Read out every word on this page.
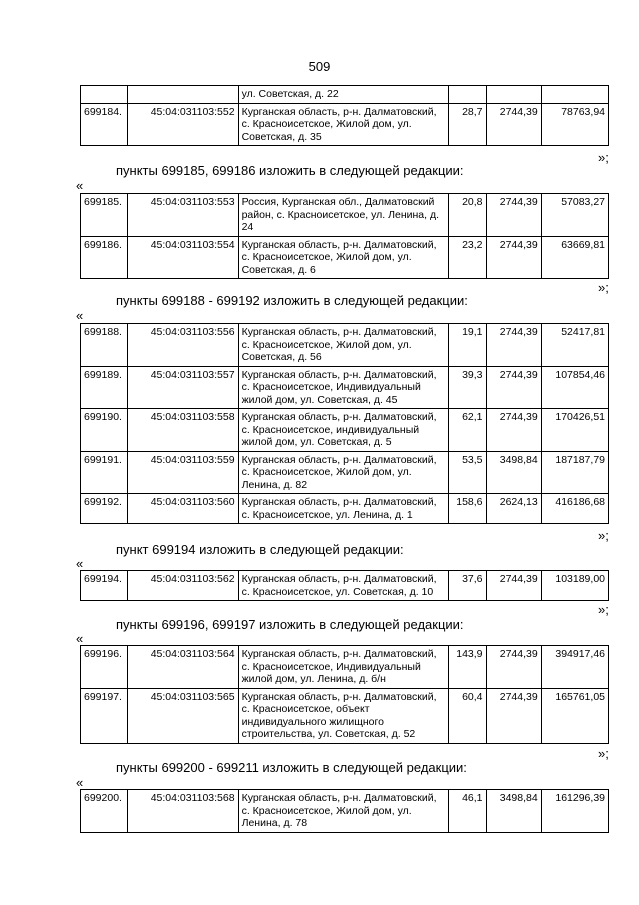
509
		ул. Советская, д. 22			
699184.	45:04:031103:552	Курганская область, р-н. Далматовский, с. Красноисетское, Жилой дом, ул. Советская, д. 35	28,7	2744,39	78763,94
»;
пункты 699185, 699186 изложить в следующей редакции:
«
699185.	45:04:031103:553	Россия, Курганская обл., Далматовский район, с. Красноисетское, ул. Ленина, д. 24	20,8	2744,39	57083,27
699186.	45:04:031103:554	Курганская область, р-н. Далматовский, с. Красноисетское, Жилой дом, ул. Советская, д. 6	23,2	2744,39	63669,81
»;
пункты 699188 - 699192 изложить в следующей редакции:
«
699188.	45:04:031103:556	Курганская область, р-н. Далматовский, с. Красноисетское, Жилой дом, ул. Советская, д. 56	19,1	2744,39	52417,81
699189.	45:04:031103:557	Курганская область, р-н. Далматовский, с. Красноисетское, Индивидуальный жилой дом, ул. Советская, д. 45	39,3	2744,39	107854,46
699190.	45:04:031103:558	Курганская область, р-н. Далматовский, с. Красноисетское, индивидуальный жилой дом, ул. Советская, д. 5	62,1	2744,39	170426,51
699191.	45:04:031103:559	Курганская область, р-н. Далматовский, с. Красноисетское, Жилой дом, ул. Ленина, д. 82	53,5	3498,84	187187,79
699192.	45:04:031103:560	Курганская область, р-н. Далматовский, с. Красноисетское, ул. Ленина, д. 1	158,6	2624,13	416186,68
»;
пункт 699194 изложить в следующей редакции:
«
699194.	45:04:031103:562	Курганская область, р-н. Далматовский, с. Красноисетское, ул. Советская, д. 10	37,6	2744,39	103189,00
»;
пункты 699196, 699197 изложить в следующей редакции:
«
699196.	45:04:031103:564	Курганская область, р-н. Далматовский, с. Красноисетское, Индивидуальный жилой дом, ул. Ленина, д. б/н	143,9	2744,39	394917,46
699197.	45:04:031103:565	Курганская область, р-н. Далматовский, с. Красноисетское, объект индивидуального жилищного строительства, ул. Советская, д. 52	60,4	2744,39	165761,05
»;
пункты 699200 - 699211 изложить в следующей редакции:
«
699200.	45:04:031103:568	Курганская область, р-н. Далматовский, с. Красноисетское, Жилой дом, ул. Ленина, д. 78	46,1	3498,84	161296,39
